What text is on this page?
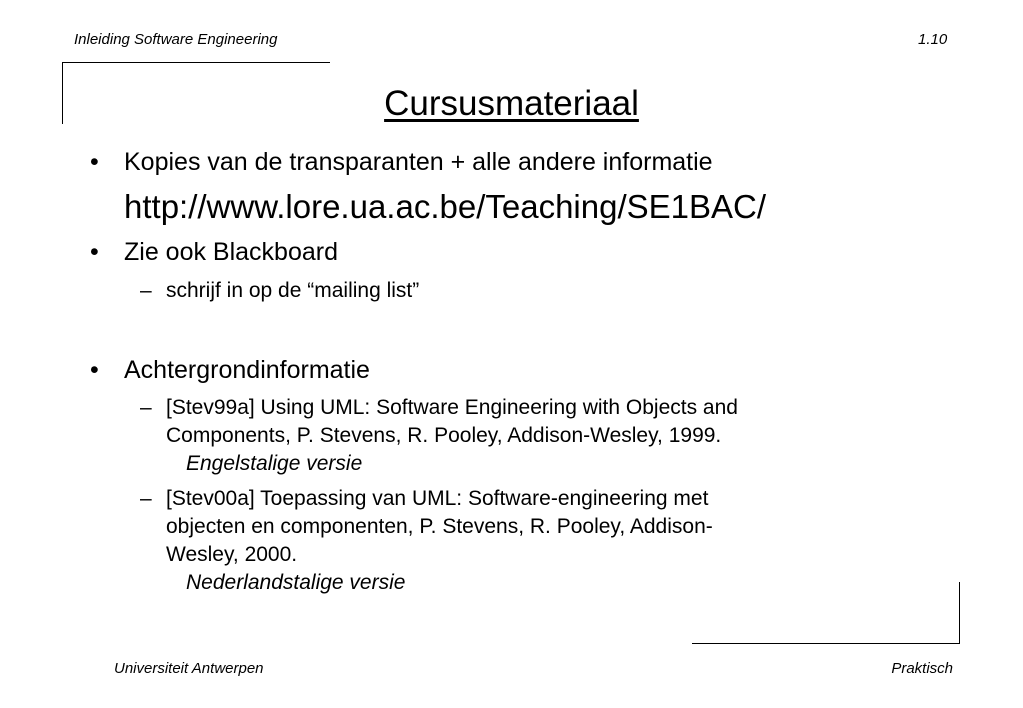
Inleiding Software Engineering	1.10
Cursusmateriaal
• Kopies van de transparanten + alle andere informatie
http://www.lore.ua.ac.be/Teaching/SE1BAC/
• Zie ook Blackboard
– schrijf in op de “mailing list”
• Achtergrondinformatie
– [Stev99a] Using UML: Software Engineering with Objects and
Components, P. Stevens, R. Pooley, Addison-Wesley, 1999.
Engelstalige versie
– [Stev00a] Toepassing van UML: Software-engineering met
objecten en componenten, P. Stevens, R. Pooley, Addison-
Wesley, 2000.
Nederlandstalige versie
Universiteit Antwerpen	Praktisch
